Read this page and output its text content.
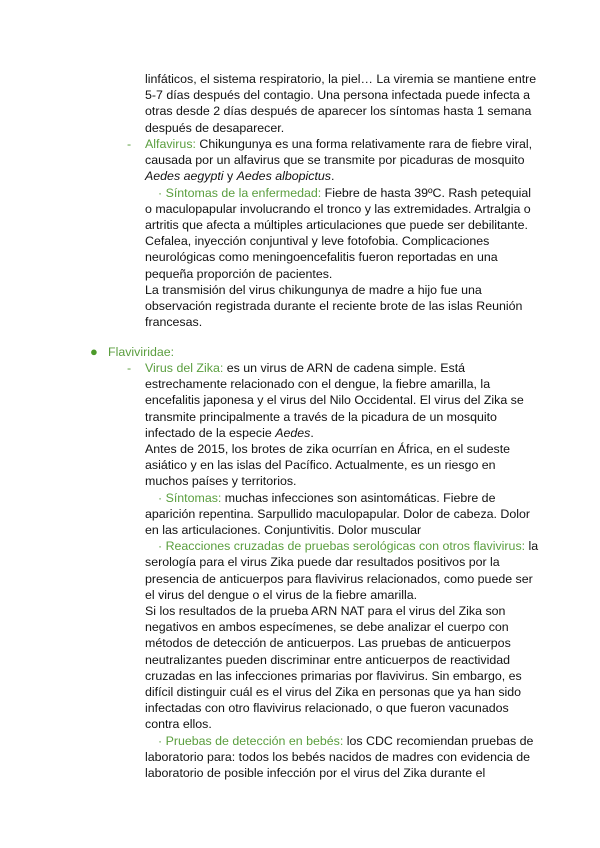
linfáticos, el sistema respiratorio, la piel… La viremia se mantiene entre

5-7 días después del contagio. Una persona infectada puede infecta a

otras desde 2 días después de aparecer los síntomas hasta 1 semana

después de desaparecer.

- Alfavirus: Chikungunya es una forma relativamente rara de fiebre viral,

causada por un alfavirus que se transmite por picaduras de mosquito

Aedes aegypti y Aedes albopictus.

· Síntomas de la enfermedad: Fiebre de hasta 39ºC. Rash petequial

o maculopapular involucrando el tronco y las extremidades. Artralgia o

artritis que afecta a múltiples articulaciones que puede ser debilitante.

Cefalea, inyección conjuntival y leve fotofobia. Complicaciones

neurológicas como meningoencefalitis fueron reportadas en una

pequeña proporción de pacientes.

La transmisión del virus chikungunya de madre a hijo fue una

observación registrada durante el reciente brote de las islas Reunión

francesas.

● Flaviviridae:

- Virus del Zika: es un virus de ARN de cadena simple. Está

estrechamente relacionado con el dengue, la fiebre amarilla, la

encefalitis japonesa y el virus del Nilo Occidental. El virus del Zika se

transmite principalmente a través de la picadura de un mosquito

infectado de la especie Aedes.

Antes de 2015, los brotes de zika ocurrían en África, en el sudeste

asiático y en las islas del Pacífico. Actualmente, es un riesgo en

muchos países y territorios.

· Síntomas: muchas infecciones son asintomáticas. Fiebre de

aparición repentina. Sarpullido maculopapular. Dolor de cabeza. Dolor

en las articulaciones. Conjuntivitis. Dolor muscular

· Reacciones cruzadas de pruebas serológicas con otros flavivirus: la

serología para el virus Zika puede dar resultados positivos por la

presencia de anticuerpos para flavivirus relacionados, como puede ser

el virus del dengue o el virus de la fiebre amarilla.

Si los resultados de la prueba ARN NAT para el virus del Zika son

negativos en ambos especímenes, se debe analizar el cuerpo con

métodos de detección de anticuerpos. Las pruebas de anticuerpos

neutralizantes pueden discriminar entre anticuerpos de reactividad

cruzadas en las infecciones primarias por flavivirus. Sin embargo, es

difícil distinguir cuál es el virus del Zika en personas que ya han sido

infectadas con otro flavivirus relacionado, o que fueron vacunados

contra ellos.

· Pruebas de detección en bebés: los CDC recomiendan pruebas de

laboratorio para: todos los bebés nacidos de madres con evidencia de

laboratorio de posible infección por el virus del Zika durante el
